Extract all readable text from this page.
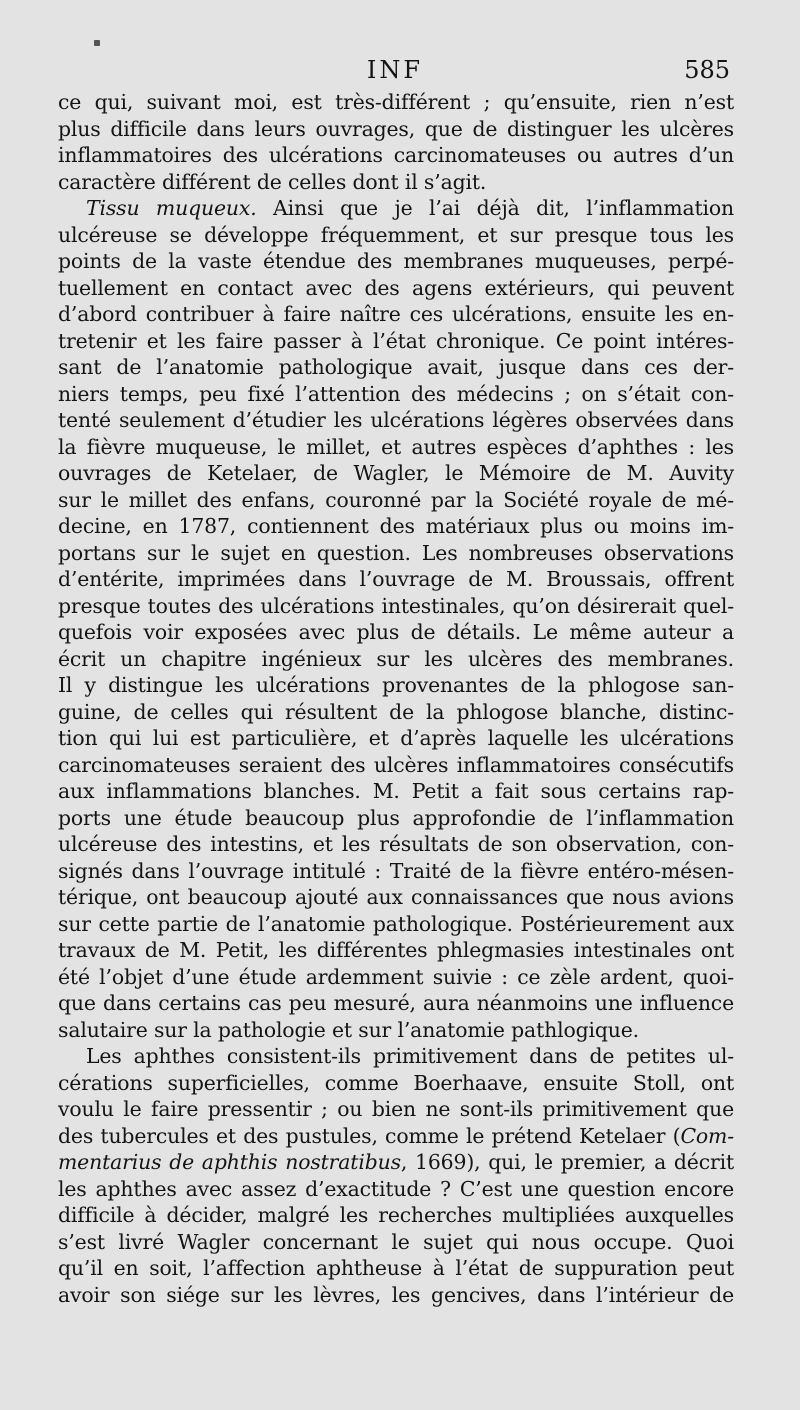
INF	585
ce qui, suivant moi, est très-différent ; qu’ensuite, rien n’est
plus difficile dans leurs ouvrages, que de distinguer les ulcères
inflammatoires des ulcérations carcinomateuses ou autres d’un
caractère différent de celles dont il s’agit.
Tissu muqueux. Ainsi que je l’ai déjà dit, l’inflammation
ulcéreuse se développe fréquemment, et sur presque tous les
points de la vaste étendue des membranes muqueuses, perpé-
tuellement en contact avec des agens extérieurs, qui peuvent
d’abord contribuer à faire naître ces ulcérations, ensuite les en-
tretenir et les faire passer à l’état chronique. Ce point intéres-
sant de l’anatomie pathologique avait, jusque dans ces der-
niers temps, peu fixé l’attention des médecins ; on s’était con-
tenté seulement d’étudier les ulcérations légères observées dans
la fièvre muqueuse, le millet, et autres espèces d’aphthes : les
ouvrages de Ketelaer, de Wagler, le Mémoire de M. Auvity
sur le millet des enfans, couronné par la Société royale de mé-
decine, en 1787, contiennent des matériaux plus ou moins im-
portans sur le sujet en question. Les nombreuses observations
d’entérite, imprimées dans l’ouvrage de M. Broussais, offrent
presque toutes des ulcérations intestinales, qu’on désirerait quel-
quefois voir exposées avec plus de détails. Le même auteur a
écrit un chapitre ingénieux sur les ulcères des membranes.
Il y distingue les ulcérations provenantes de la phlogose san-
guine, de celles qui résultent de la phlogose blanche, distinc-
tion qui lui est particulière, et d’après laquelle les ulcérations
carcinomateuses seraient des ulcères inflammatoires consécutifs
aux inflammations blanches. M. Petit a fait sous certains rap-
ports une étude beaucoup plus approfondie de l’inflammation
ulcéreuse des intestins, et les résultats de son observation, con-
signés dans l’ouvrage intitulé : Traité de la fièvre entéro-mésen-
térique, ont beaucoup ajouté aux connaissances que nous avions
sur cette partie de l’anatomie pathologique. Postérieurement aux
travaux de M. Petit, les différentes phlegmasies intestinales ont
été l’objet d’une étude ardemment suivie : ce zèle ardent, quoi-
que dans certains cas peu mesuré, aura néanmoins une influence
salutaire sur la pathologie et sur l’anatomie pathlogique.
Les aphthes consistent-ils primitivement dans de petites ul-
cérations superficielles, comme Boerhaave, ensuite Stoll, ont
voulu le faire pressentir ; ou bien ne sont-ils primitivement que
des tubercules et des pustules, comme le prétend Ketelaer (Com-
mentarius de aphthis nostratibus, 1669), qui, le premier, a décrit
les aphthes avec assez d’exactitude ? C’est une question encore
difficile à décider, malgré les recherches multipliées auxquelles
s’est livré Wagler concernant le sujet qui nous occupe. Quoi
qu’il en soit, l’affection aphtheuse à l’état de suppuration peut
avoir son siége sur les lèvres, les gencives, dans l’intérieur de
